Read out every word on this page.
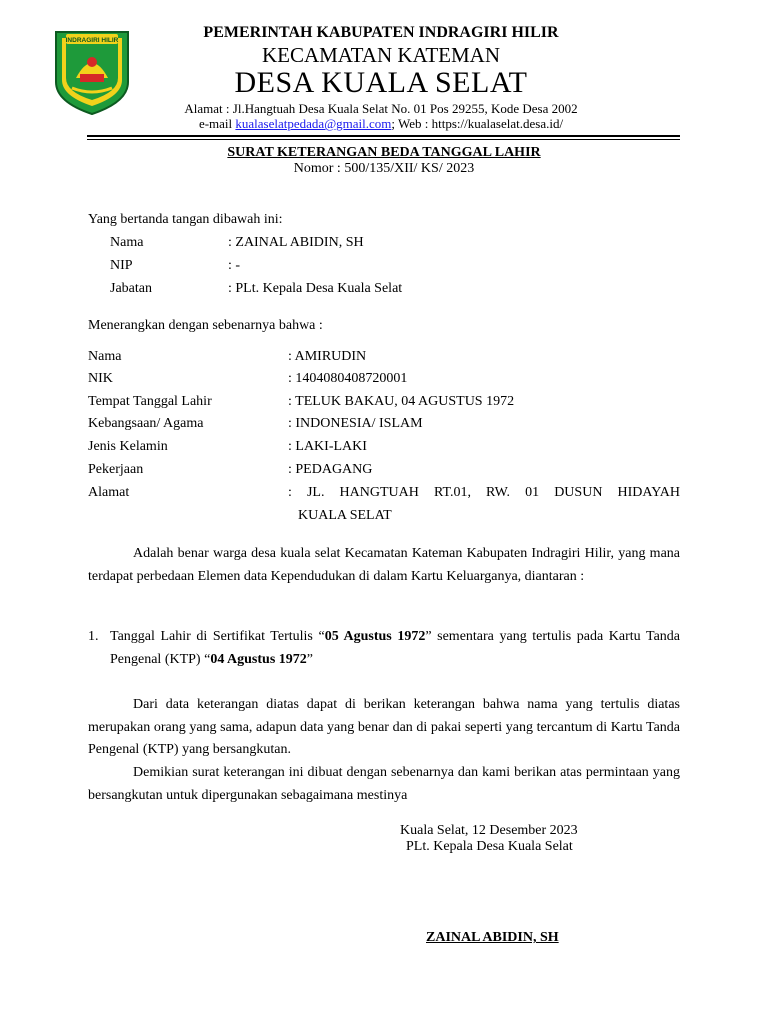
INDRAGIRI HILIR	PEMERINTAH KABUPATEN INDRAGIRI HILIR
KECAMATAN KATEMAN
DESA KUALA SELAT
Alamat : Jl.Hangtuah Desa Kuala Selat No. 01 Pos 29255, Kode Desa 2002
e-mail kualaselatpedada@gmail.com; Web : https://kualaselat.desa.id/
SURAT KETERANGAN BEDA TANGGAL LAHIR
Nomor : 500/135/XII/ KS/ 2023
Yang bertanda tangan dibawah ini:
Nama	: ZAINAL ABIDIN, SH
NIP	: -
Jabatan	: PLt. Kepala Desa Kuala Selat
Menerangkan dengan sebenarnya bahwa :
Nama	: AMIRUDIN
NIK	: 1404080408720001
Tempat Tanggal Lahir	: TELUK BAKAU, 04 AGUSTUS 1972
Kebangsaan/ Agama	: INDONESIA/ ISLAM
Jenis Kelamin	: LAKI-LAKI
Pekerjaan	: PEDAGANG
Alamat	: JL. HANGTUAH RT.01, RW. 01 DUSUN HIDAYAH
KUALA SELAT
Adalah benar warga desa kuala selat Kecamatan Kateman Kabupaten Indragiri Hilir, yang mana terdapat perbedaan Elemen data Kependudukan di dalam Kartu Keluarganya, diantaran :
1. Tanggal Lahir di Sertifikat Tertulis “05 Agustus 1972” sementara yang tertulis pada Kartu Tanda Pengenal (KTP) “04 Agustus 1972”
Dari data keterangan diatas dapat di berikan keterangan bahwa nama yang tertulis diatas merupakan orang yang sama, adapun data yang benar dan di pakai seperti yang tercantum di Kartu Tanda Pengenal (KTP) yang bersangkutan.
Demikian surat keterangan ini dibuat dengan sebenarnya dan kami berikan atas permintaan yang bersangkutan untuk dipergunakan sebagaimana mestinya
Kuala Selat, 12 Desember 2023
PLt. Kepala Desa Kuala Selat
ZAINAL ABIDIN, SH
